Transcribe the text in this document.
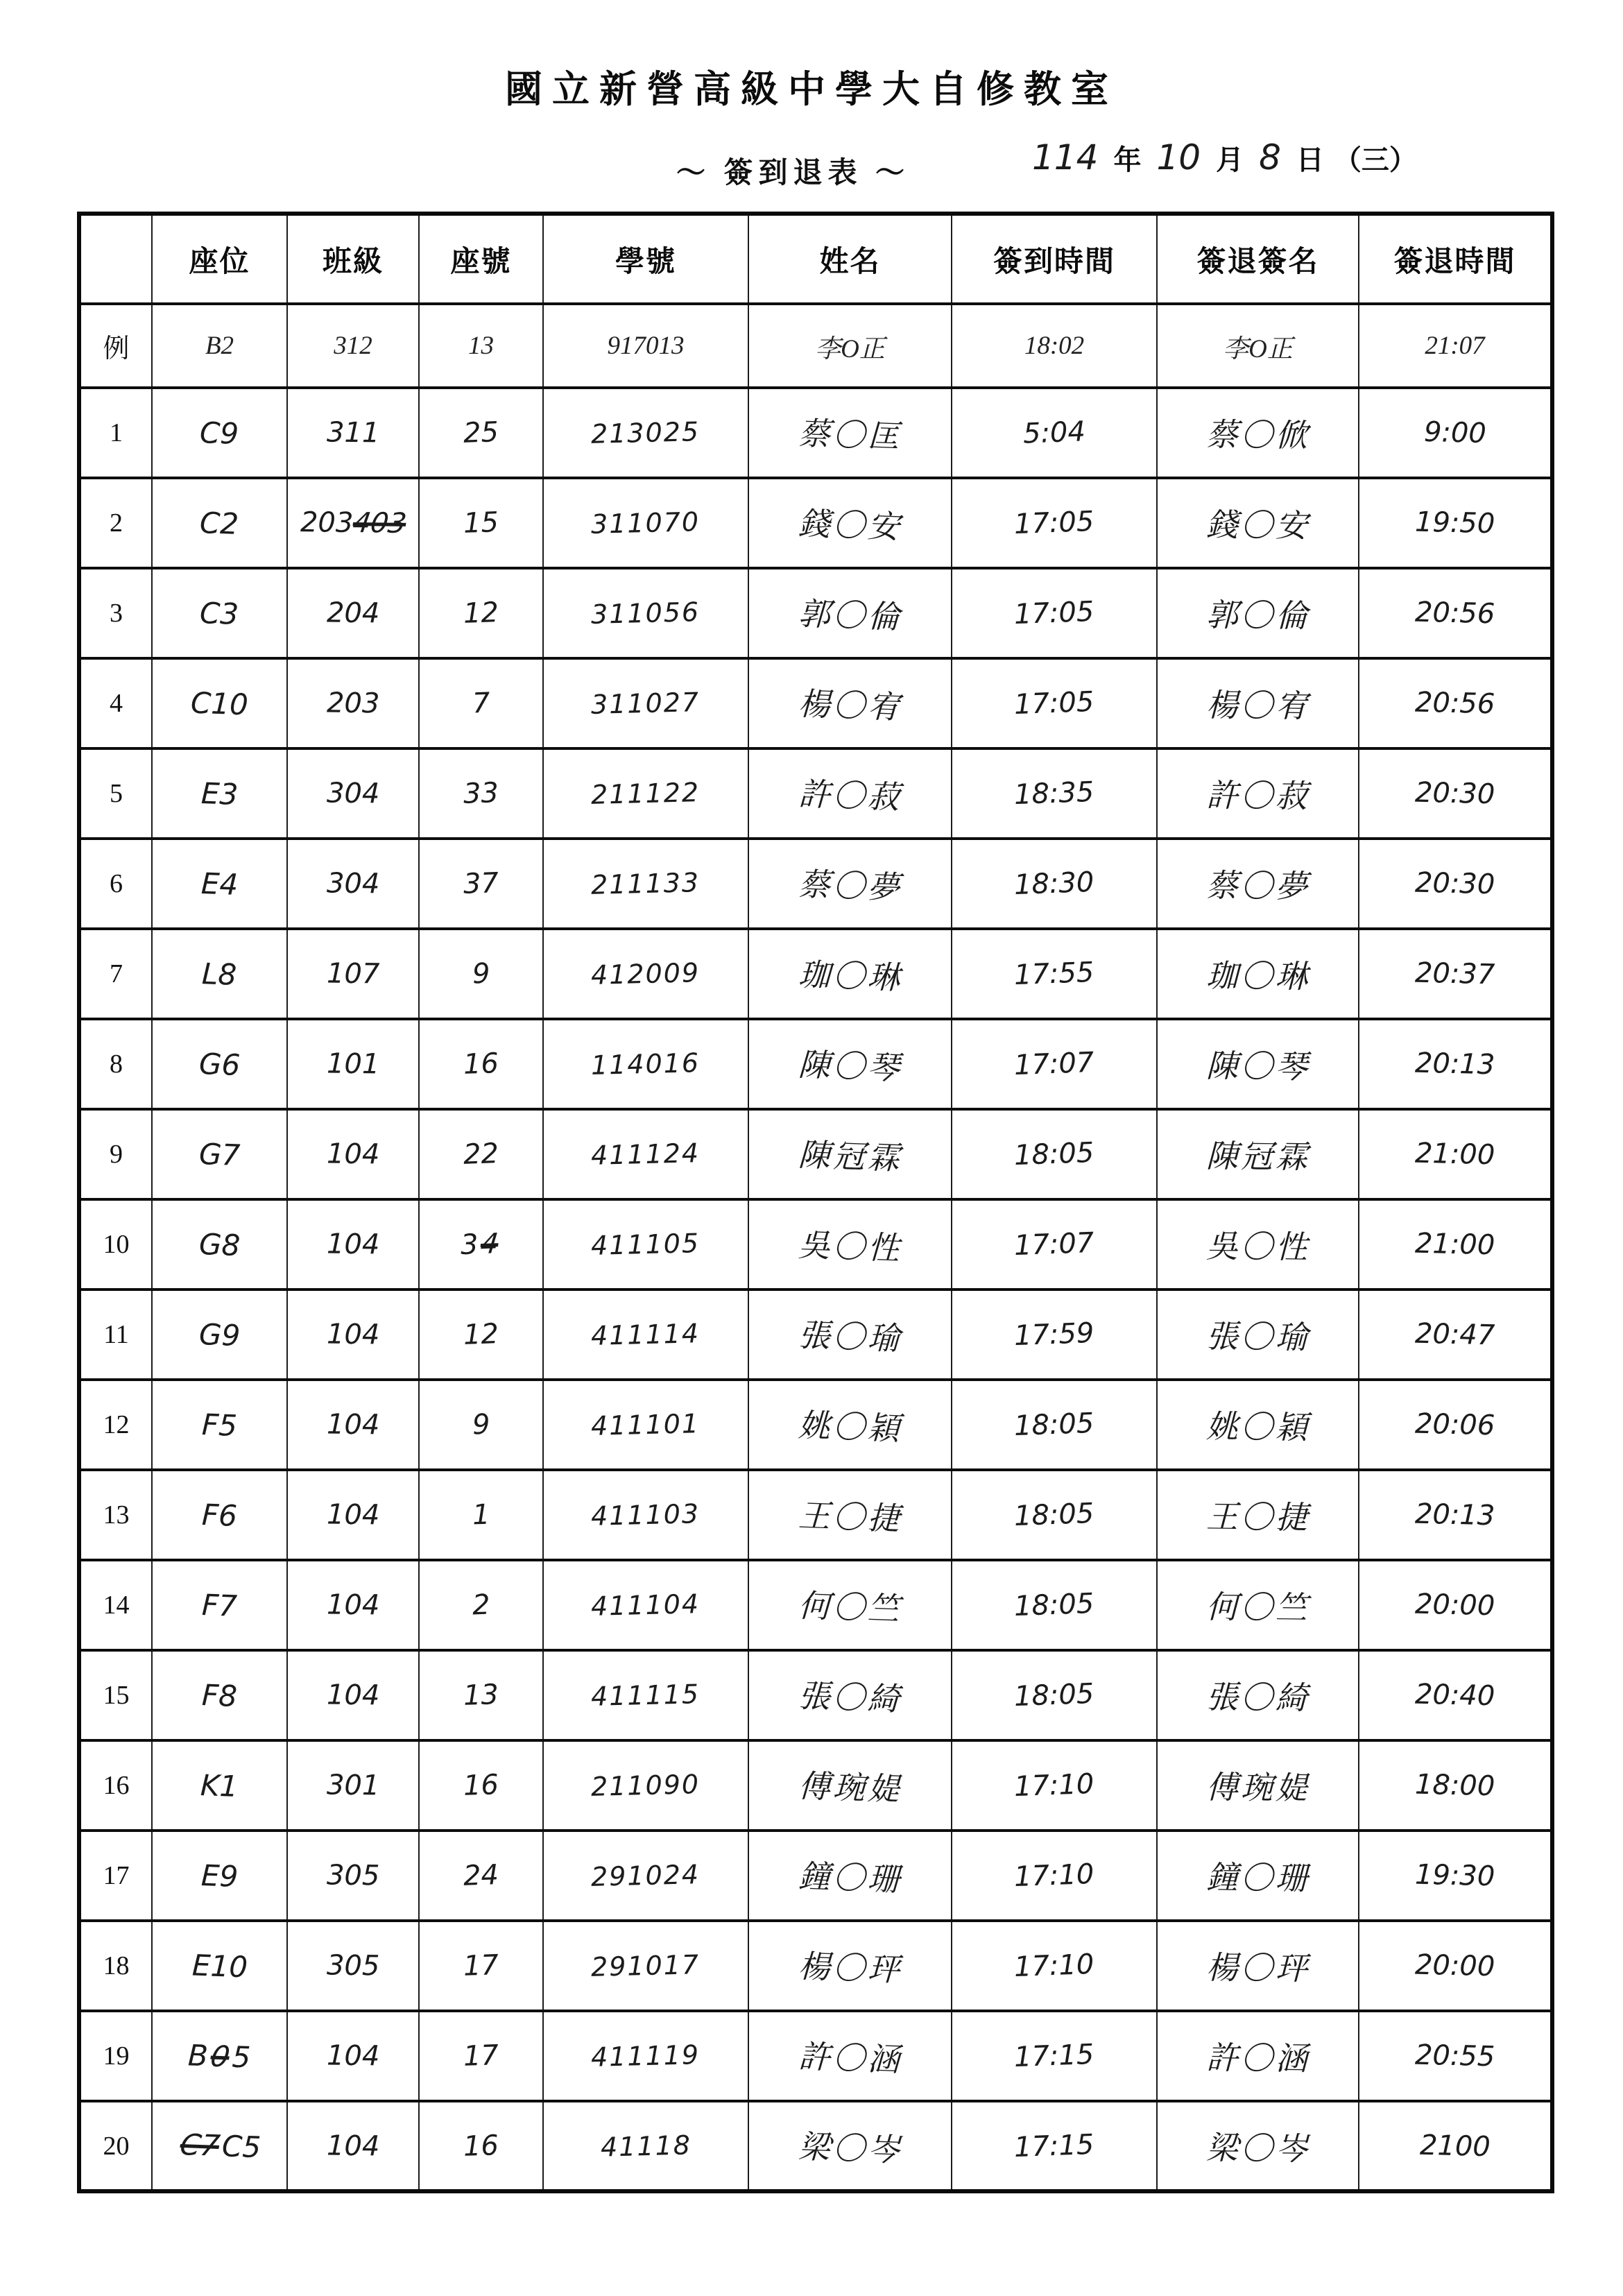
國立新營高級中學大自修教室
～ 簽到退表 ～	114 年 10 月 8 日 （三）
	座位	班級	座號	學號	姓名	簽到時間	簽退簽名	簽退時間
例	B2	312	13	917013	李O正	18:02	李O正	21:07
1	C9	311	25	213025	蔡〇匡	5:04	蔡〇俽	9:00
2	C2	203403	15	311070	錢〇安	17:05	錢〇安	19:50
3	C3	204	12	311056	郭〇倫	17:05	郭〇倫	20:56
4	C10	203	7	311027	楊〇宥	17:05	楊〇宥	20:56
5	E3	304	33	211122	許〇菽	18:35	許〇菽	20:30
6	E4	304	37	211133	蔡〇夢	18:30	蔡〇夢	20:30
7	L8	107	9	412009	珈〇琳	17:55	珈〇琳	20:37
8	G6	101	16	114016	陳〇琴	17:07	陳〇琴	20:13
9	G7	104	22	411124	陳冠霖	18:05	陳冠霖	21:00
10	G8	104	34	411105	吳〇性	17:07	吳〇性	21:00
11	G9	104	12	411114	張〇瑜	17:59	張〇瑜	20:47
12	F5	104	9	411101	姚〇穎	18:05	姚〇穎	20:06
13	F6	104	1	411103	王〇捷	18:05	王〇捷	20:13
14	F7	104	2	411104	何〇竺	18:05	何〇竺	20:00
15	F8	104	13	411115	張〇綺	18:05	張〇綺	20:40
16	K1	301	16	211090	傅琬媞	17:10	傅琬媞	18:00
17	E9	305	24	291024	鐘〇珊	17:10	鐘〇珊	19:30
18	E10	305	17	291017	楊〇玶	17:10	楊〇玶	20:00
19	B05	104	17	411119	許〇涵	17:15	許〇涵	20:55
20	C7C5	104	16	41118	梁〇岑	17:15	梁〇岑	2100
